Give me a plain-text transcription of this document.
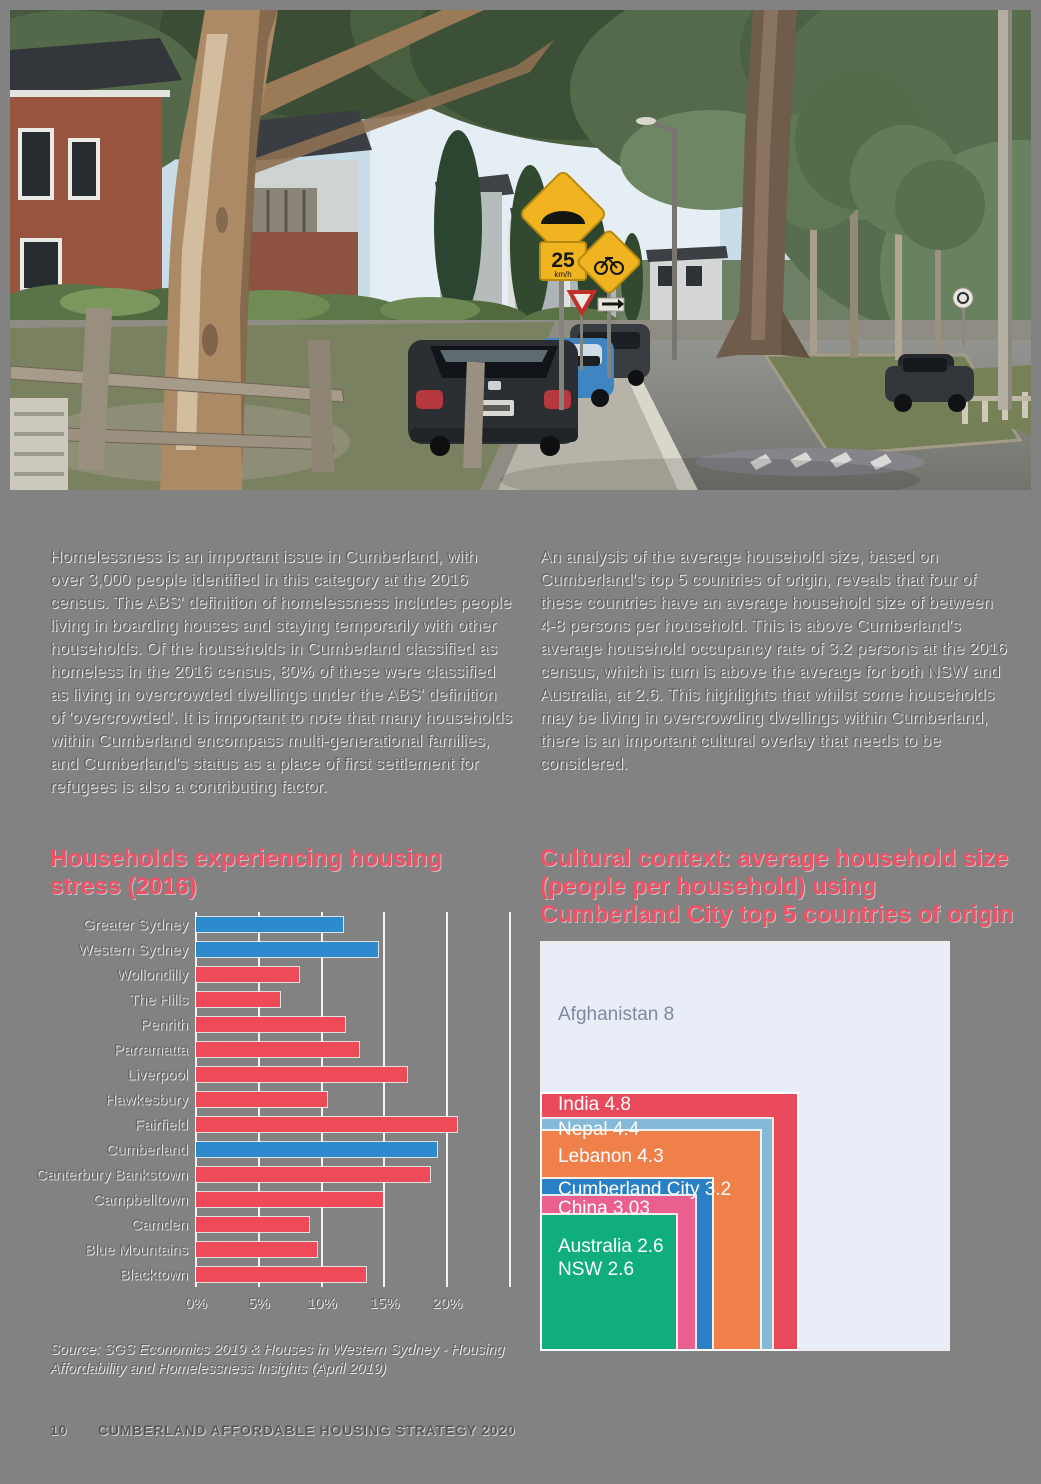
25
km/h

Homelessness is an important issue in Cumberland, with over 3,000 people identified in this category at the 2016 census. The ABS' definition of homelessness includes people living in boarding houses and staying temporarily with other households. Of the households in Cumberland classified as homeless in the 2016 census, 80% of these were classified as living in overcrowded dwellings under the ABS' definition of 'overcrowded'. It is important to note that many households within Cumberland encompass multi-generational families, and Cumberland's status as a place of first settlement for refugees is also a contributing factor.

An analysis of the average household size, based on Cumberland's top 5 countries of origin, reveals that four of these countries have an average household size of between 4-8 persons per household. This is above Cumberland's average household occupancy rate of 3.2 persons at the 2016 census, which is turn is above the average for both NSW and Australia, at 2.6. This highlights that whilst some households may be living in overcrowding dwellings within Cumberland, there is an important cultural overlay that needs to be considered.

Households experiencing housing stress (2016)
Cultural context: average household size (people per household) using Cumberland City top 5 countries of origin
Greater Sydney
Western Sydney
Wollondilly
The Hills
Penrith
Parramatta
Liverpool
Hawkesbury
Fairfield
Cumberland
Canterbury Bankstown
Campbelltown
Camden
Blue Mountains
Blacktown
0%	5% 10% 15% 20%
Afghanistan 8
India 4.8
Nepal 4.4
Lebanon 4.3
Cumberland City 3.2
China 3.03
Australia 2.6
NSW 2.6

Source: SGS Economics 2019 & Houses in Western Sydney - Housing Affordability and Homelessness Insights (April 2019)

10 CUMBERLAND AFFORDABLE HOUSING STRATEGY 2020
